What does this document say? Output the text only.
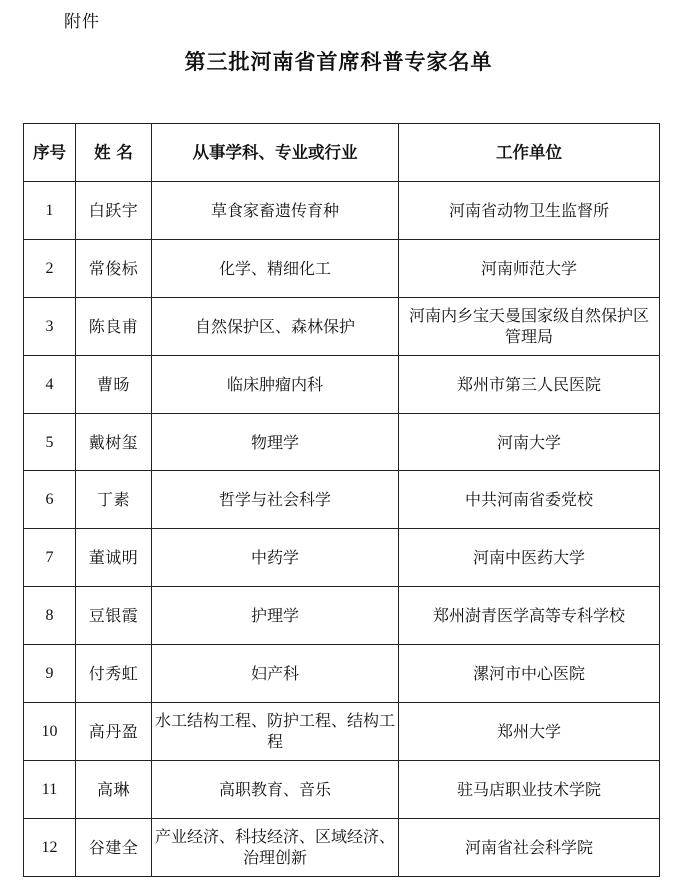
附件
第三批河南省首席科普专家名单
序号	姓 名	从事学科、专业或行业	工作单位
1	白跃宇	草食家畜遗传育种	河南省动物卫生监督所
2	常俊标	化学、精细化工	河南师范大学
3	陈良甫	自然保护区、森林保护	河南内乡宝天曼国家级自然保护区管理局
4	曹旸	临床肿瘤内科	郑州市第三人民医院
5	戴树玺	物理学	河南大学
6	丁素	哲学与社会科学	中共河南省委党校
7	董诚明	中药学	河南中医药大学
8	豆银霞	护理学	郑州澍青医学高等专科学校
9	付秀虹	妇产科	漯河市中心医院
10	高丹盈	水工结构工程、防护工程、结构工程	郑州大学
11	高琳	高职教育、音乐	驻马店职业技术学院
12	谷建全	产业经济、科技经济、区域经济、治理创新	河南省社会科学院
